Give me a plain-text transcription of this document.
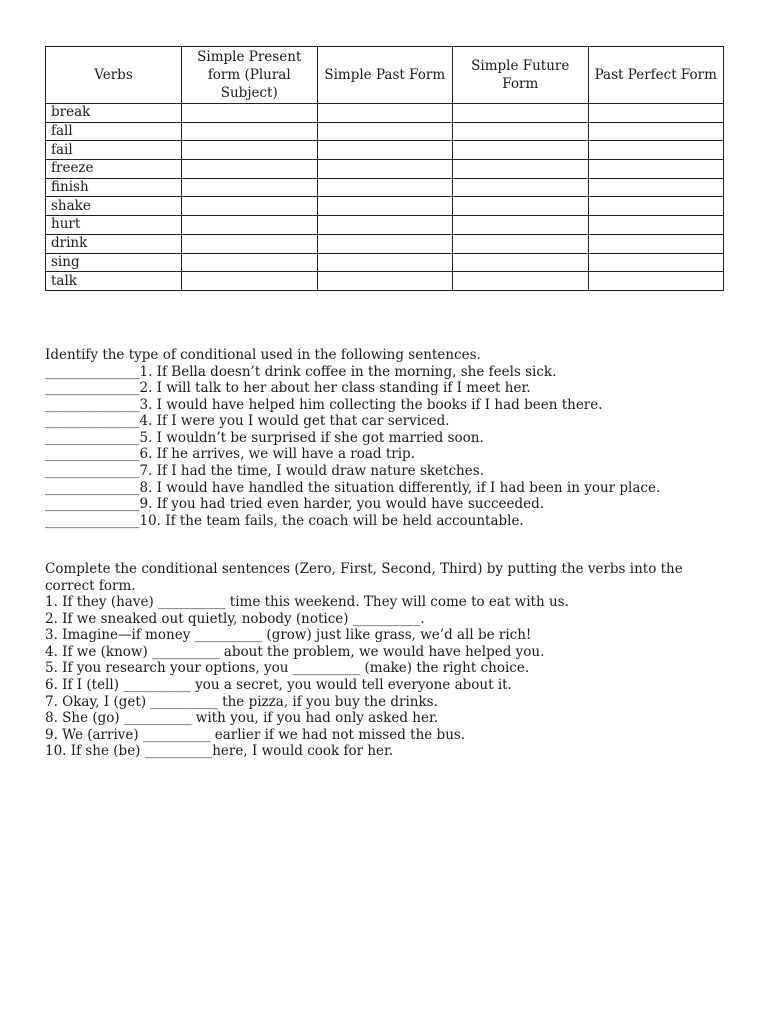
Verbs	Simple Present form (Plural Subject)	Simple Past Form	Simple Future Form	Past Perfect Form
break				
fall				
fail				
freeze				
finish				
shake				
hurt				
drink				
sing				
talk				

Identify the type of conditional used in the following sentences.

______________1. If Bella doesn’t drink coffee in the morning, she feels sick.

______________2. I will talk to her about her class standing if I meet her.

______________3. I would have helped him collecting the books if I had been there.

______________4. If I were you I would get that car serviced.

______________5. I wouldn’t be surprised if she got married soon.

______________6. If he arrives, we will have a road trip.

______________7. If I had the time, I would draw nature sketches.

______________8. I would have handled the situation differently, if I had been in your place.

______________9. If you had tried even harder, you would have succeeded.

______________10. If the team fails, the coach will be held accountable.

Complete the conditional sentences (Zero, First, Second, Third) by putting the verbs into the correct form.

1. If they (have) __________ time this weekend. They will come to eat with us.

2. If we sneaked out quietly, nobody (notice) __________.

3. Imagine—if money __________ (grow) just like grass, we’d all be rich!

4. If we (know) __________ about the problem, we would have helped you.

5. If you research your options, you __________ (make) the right choice.

6. If I (tell) __________ you a secret, you would tell everyone about it.

7. Okay, I (get) __________ the pizza, if you buy the drinks.

8. She (go) __________ with you, if you had only asked her.

9. We (arrive) __________ earlier if we had not missed the bus.

10. If she (be) __________here, I would cook for her.
